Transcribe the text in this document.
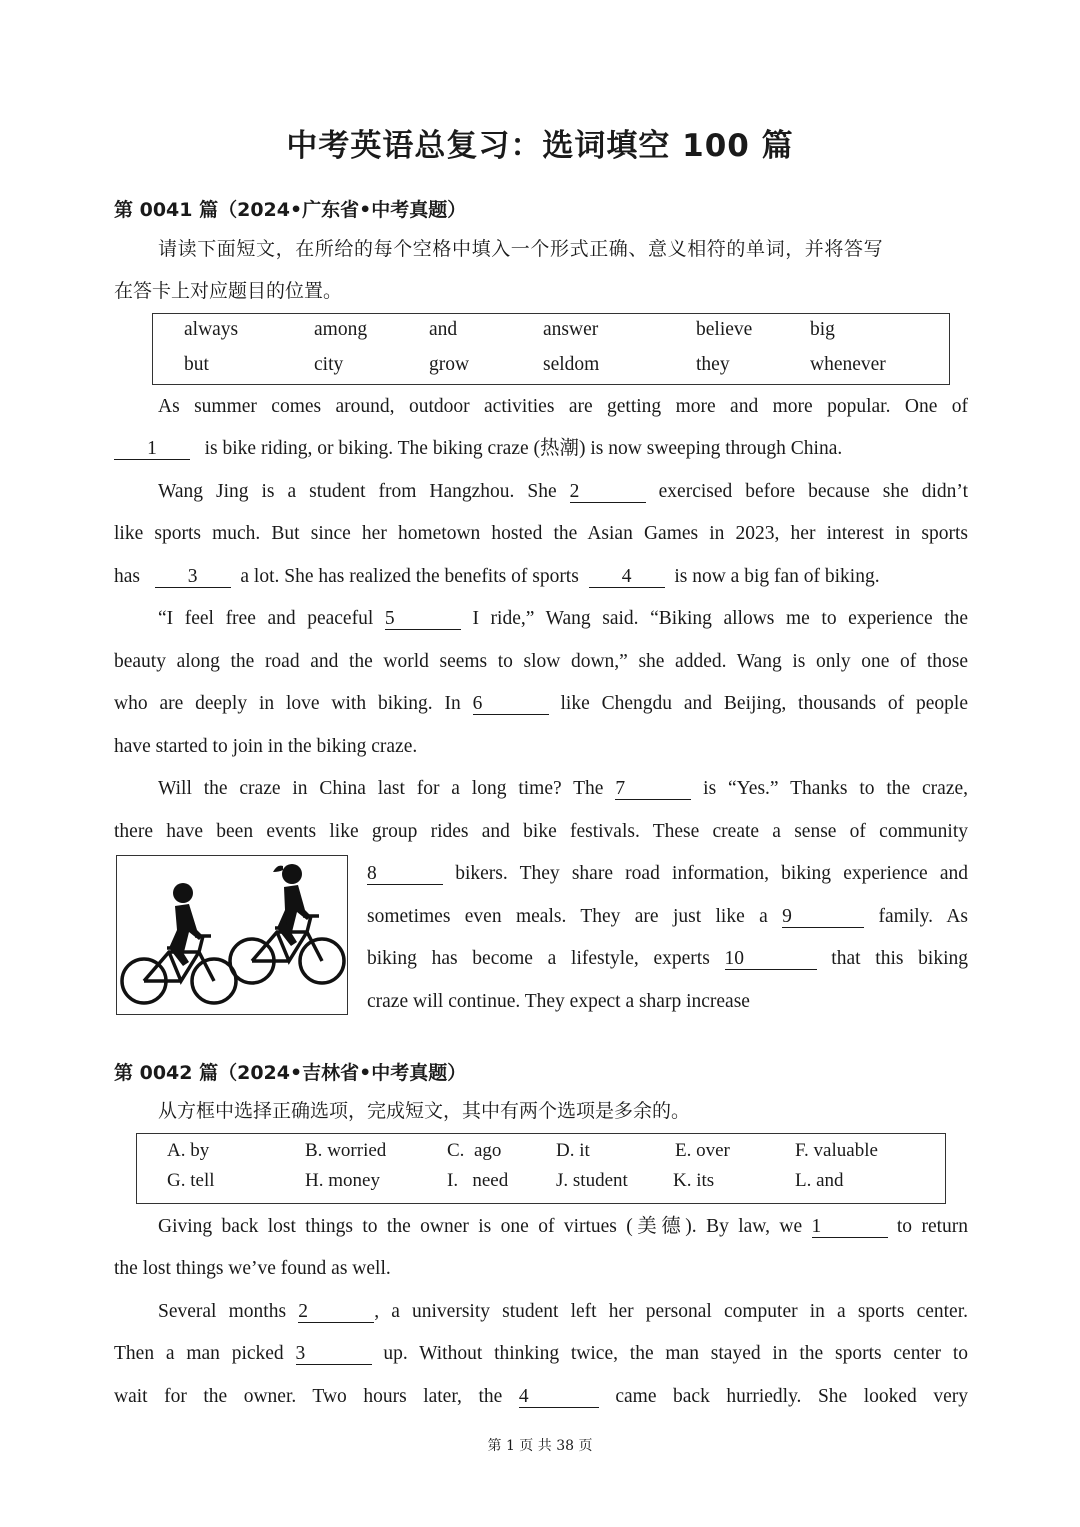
中考英语总复习：选词填空 100 篇
第 0041 篇（2024•广东省•中考真题）
请读下面短文，在所给的每个空格中填入一个形式正确、意义相符的单词，并将答写
在答卡上对应题目的位置。
always	among	and	answer	believe	big
but	city	grow	seldom	they	whenever
As summer comes around, outdoor activities are getting more and more popular. One of
1 is bike riding, or biking. The biking craze (热潮) is now sweeping through China.
Wang Jing is a student from Hangzhou. She 2	exercised before because she didn’t
like sports much. But since her hometown hosted the Asian Games in 2023, her interest in sports
has 3 a lot. She has realized the benefits of sports 4 is now a big fan of biking.
“I feel free and peaceful 5	I ride,” Wang said. “Biking allows me to experience the
beauty along the road and the world seems to slow down,” she added. Wang is only one of those
who are deeply in love with biking. In 6	like Chengdu and Beijing, thousands of people
have started to join in the biking craze.
Will the craze in China last for a long time? The 7	is “Yes.” Thanks to the craze,
there have been events like group rides and bike festivals. These create a sense of community
8	bikers. They share road information, biking experience and
sometimes even meals. They are just like a 9	family. As
biking has become a lifestyle, experts 10	that this biking
craze will continue. They expect a sharp increase
第 0042 篇（2024•吉林省•中考真题）
从方框中选择正确选项，完成短文，其中有两个选项是多余的。
A. by	B. worried	C. ago	D. it	E. over	F. valuable
G. tell	H. money	I. need	J. student K. its	L. and
Giving back lost things to the owner is one of virtues (美德). By law, we 1	to return
the lost things we’ve found as well.
Several months 2	, a university student left her personal computer in a sports center.
Then a man picked 3	up. Without thinking twice, the man stayed in the sports center to
wait for the owner. Two hours later, the 4	came back hurriedly. She looked very
第 1 页 共 38 页
